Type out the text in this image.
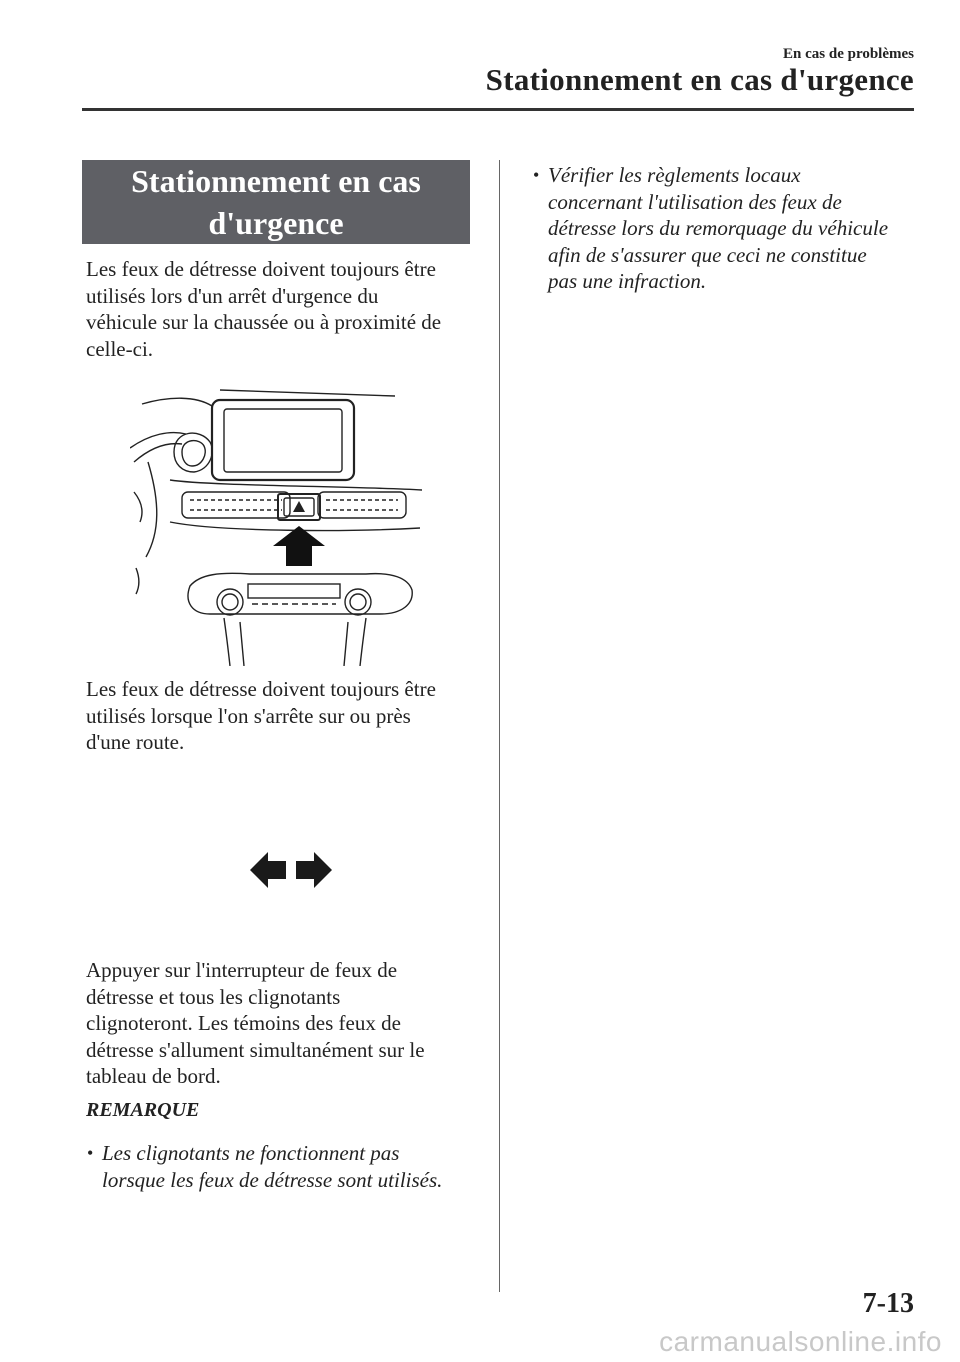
En cas de problèmes
Stationnement en cas d'urgence
Stationnement en cas
d'urgence

Les feux de détresse doivent toujours être
utilisés lors d'un arrêt d'urgence du
véhicule sur la chaussée ou à proximité de
celle-ci.

Les feux de détresse doivent toujours être
utilisés lorsque l'on s'arrête sur ou près
d'une route.

Appuyer sur l'interrupteur de feux de
détresse et tous les clignotants
clignoteront. Les témoins des feux de
détresse s'allument simultanément sur le
tableau de bord.

REMARQUE

• Les clignotants ne fonctionnent pas
lorsque les feux de détresse sont utilisés.

• Vérifier les règlements locaux
concernant l'utilisation des feux de
détresse lors du remorquage du véhicule
afin de s'assurer que ceci ne constitue
pas une infraction.

7-13
carmanualsonline.info
